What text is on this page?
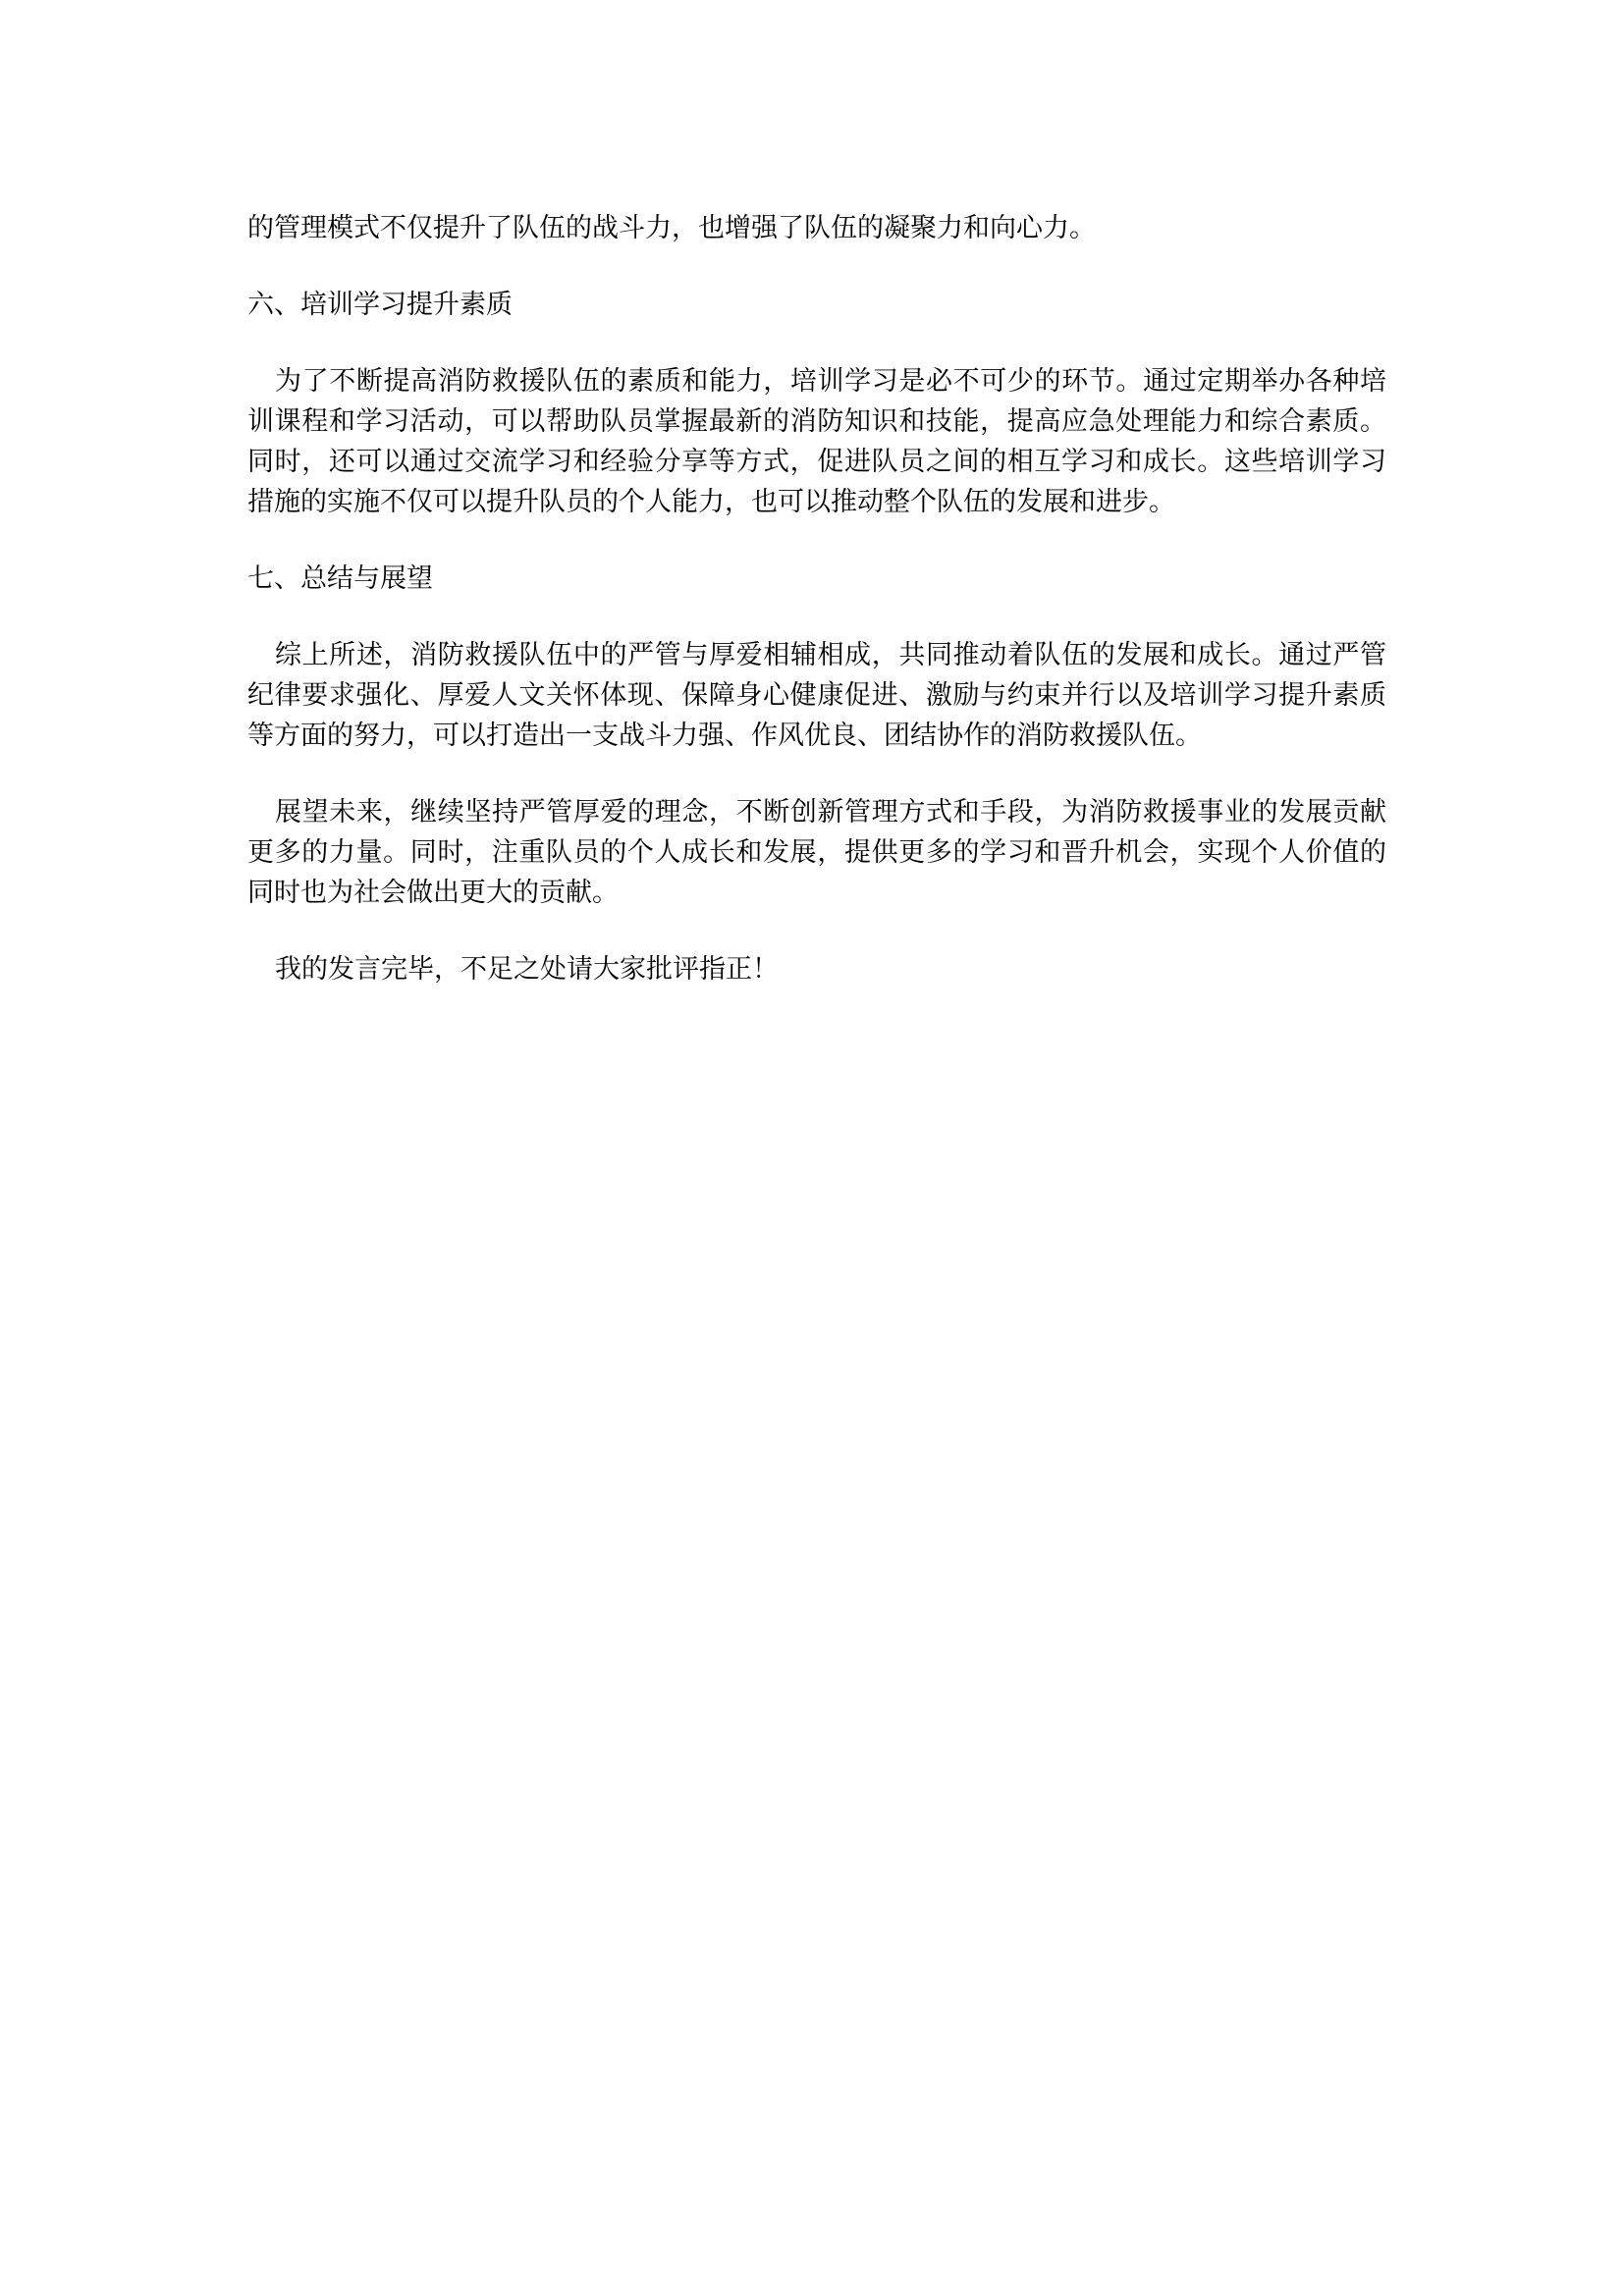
的管理模式不仅提升了队伍的战斗力，也增强了队伍的凝聚力和向心力。

六、培训学习提升素质

为了不断提高消防救援队伍的素质和能力，培训学习是必不可少的环节。通过定期举办各种培训课程和学习活动，可以帮助队员掌握最新的消防知识和技能，提高应急处理能力和综合素质。同时，还可以通过交流学习和经验分享等方式，促进队员之间的相互学习和成长。这些培训学习措施的实施不仅可以提升队员的个人能力，也可以推动整个队伍的发展和进步。

七、总结与展望

综上所述，消防救援队伍中的严管与厚爱相辅相成，共同推动着队伍的发展和成长。通过严管纪律要求强化、厚爱人文关怀体现、保障身心健康促进、激励与约束并行以及培训学习提升素质等方面的努力，可以打造出一支战斗力强、作风优良、团结协作的消防救援队伍。

展望未来，继续坚持严管厚爱的理念，不断创新管理方式和手段，为消防救援事业的发展贡献更多的力量。同时，注重队员的个人成长和发展，提供更多的学习和晋升机会，实现个人价值的同时也为社会做出更大的贡献。

我的发言完毕，不足之处请大家批评指正！
